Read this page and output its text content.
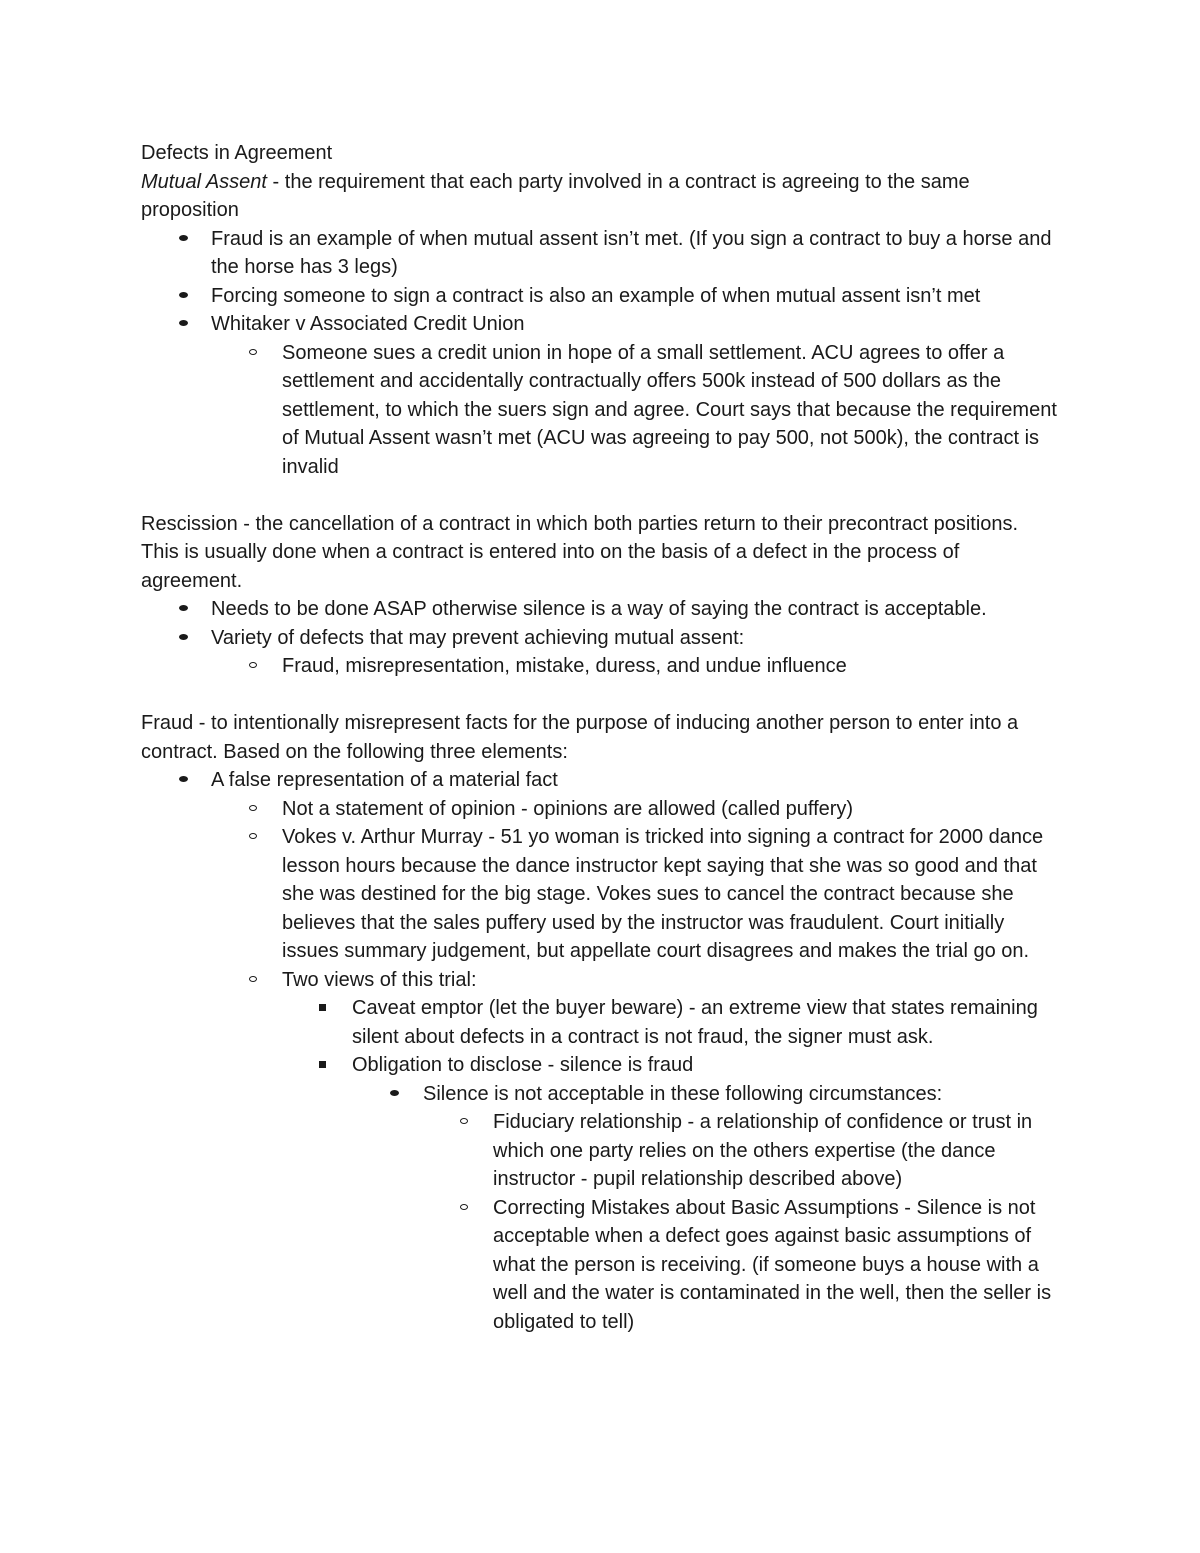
Defects in Agreement
Mutual Assent - the requirement that each party involved in a contract is agreeing to the same proposition
Fraud is an example of when mutual assent isn’t met. (If you sign a contract to buy a horse and the horse has 3 legs)
Forcing someone to sign a contract is also an example of when mutual assent isn’t met
Whitaker v Associated Credit Union
Someone sues a credit union in hope of a small settlement. ACU agrees to offer a settlement and accidentally contractually offers 500k instead of 500 dollars as the settlement, to which the suers sign and agree. Court says that because the requirement of Mutual Assent wasn’t met (ACU was agreeing to pay 500, not 500k), the contract is invalid
Rescission - the cancellation of a contract in which both parties return to their precontract positions. This is usually done when a contract is entered into on the basis of a defect in the process of agreement.
Needs to be done ASAP otherwise silence is a way of saying the contract is acceptable.
Variety of defects that may prevent achieving mutual assent:
Fraud, misrepresentation, mistake, duress, and undue influence
Fraud - to intentionally misrepresent facts for the purpose of inducing another person to enter into a contract. Based on the following three elements:
A false representation of a material fact
Not a statement of opinion - opinions are allowed (called puffery)
Vokes v. Arthur Murray - 51 yo woman is tricked into signing a contract for 2000 dance lesson hours because the dance instructor kept saying that she was so good and that she was destined for the big stage. Vokes sues to cancel the contract because she believes that the sales puffery used by the instructor was fraudulent. Court initially issues summary judgement, but appellate court disagrees and makes the trial go on.
Two views of this trial:
Caveat emptor (let the buyer beware) - an extreme view that states remaining silent about defects in a contract is not fraud, the signer must ask.
Obligation to disclose - silence is fraud
Silence is not acceptable in these following circumstances:
Fiduciary relationship - a relationship of confidence or trust in which one party relies on the others expertise (the dance instructor - pupil relationship described above)
Correcting Mistakes about Basic Assumptions - Silence is not acceptable when a defect goes against basic assumptions of what the person is receiving. (if someone buys a house with a well and the water is contaminated in the well, then the seller is obligated to tell)
